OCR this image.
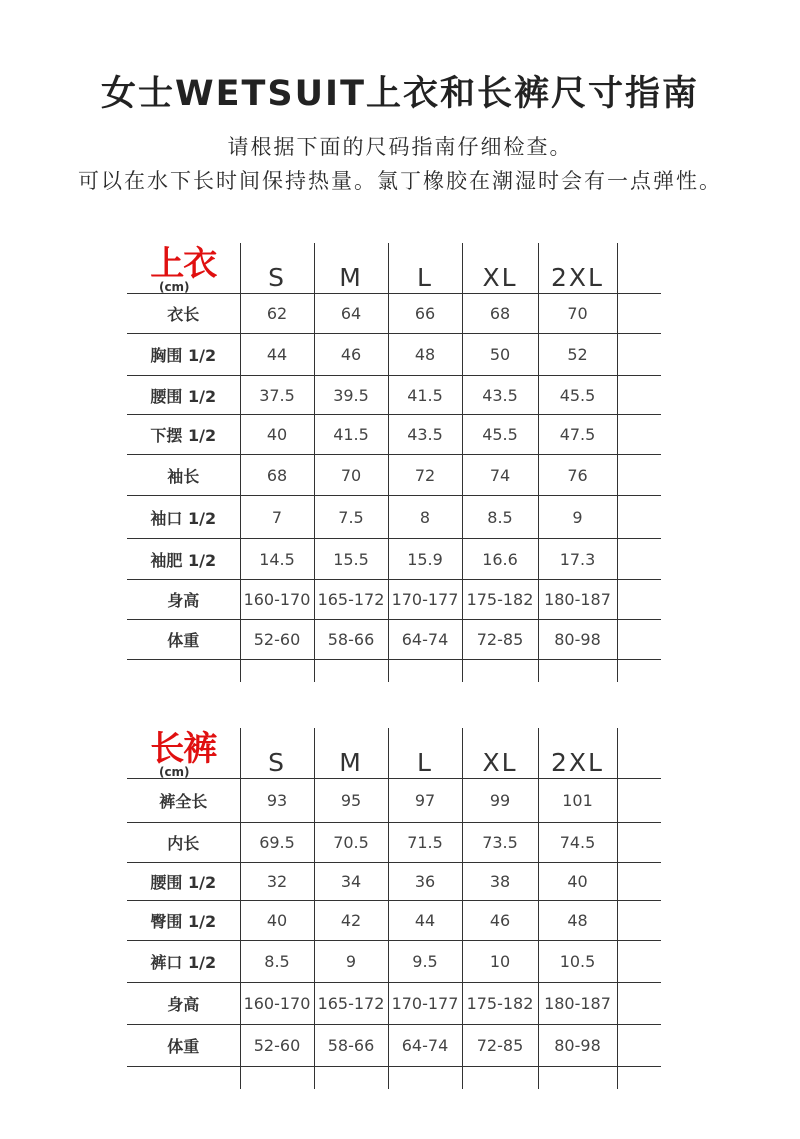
女士WETSUIT上衣和长裤尺寸指南

请根据下面的尺码指南仔细检查。

可以在水下长时间保持热量。氯丁橡胶在潮湿时会有一点弹性。

上衣
(cm)	S	M	L	XL	2XL	
衣长	62	64	66	68	70	
胸围 1/2	44	46	48	50	52	
腰围 1/2	37.5	39.5	41.5	43.5	45.5	
下摆 1/2	40	41.5	43.5	45.5	47.5	
袖长	68	70	72	74	76	
袖口 1/2	7	7.5	8	8.5	9	
袖肥 1/2	14.5	15.5	15.9	16.6	17.3	
身高	160-170	165-172	170-177	175-182	180-187	
体重	52-60	58-66	64-74	72-85	80-98	

长裤
(cm)	S	M	L	XL	2XL	
裤全长	93	95	97	99	101	
内长	69.5	70.5	71.5	73.5	74.5	
腰围 1/2	32	34	36	38	40	
臀围 1/2	40	42	44	46	48	
裤口 1/2	8.5	9	9.5	10	10.5	
身高	160-170	165-172	170-177	175-182	180-187	
体重	52-60	58-66	64-74	72-85	80-98	
